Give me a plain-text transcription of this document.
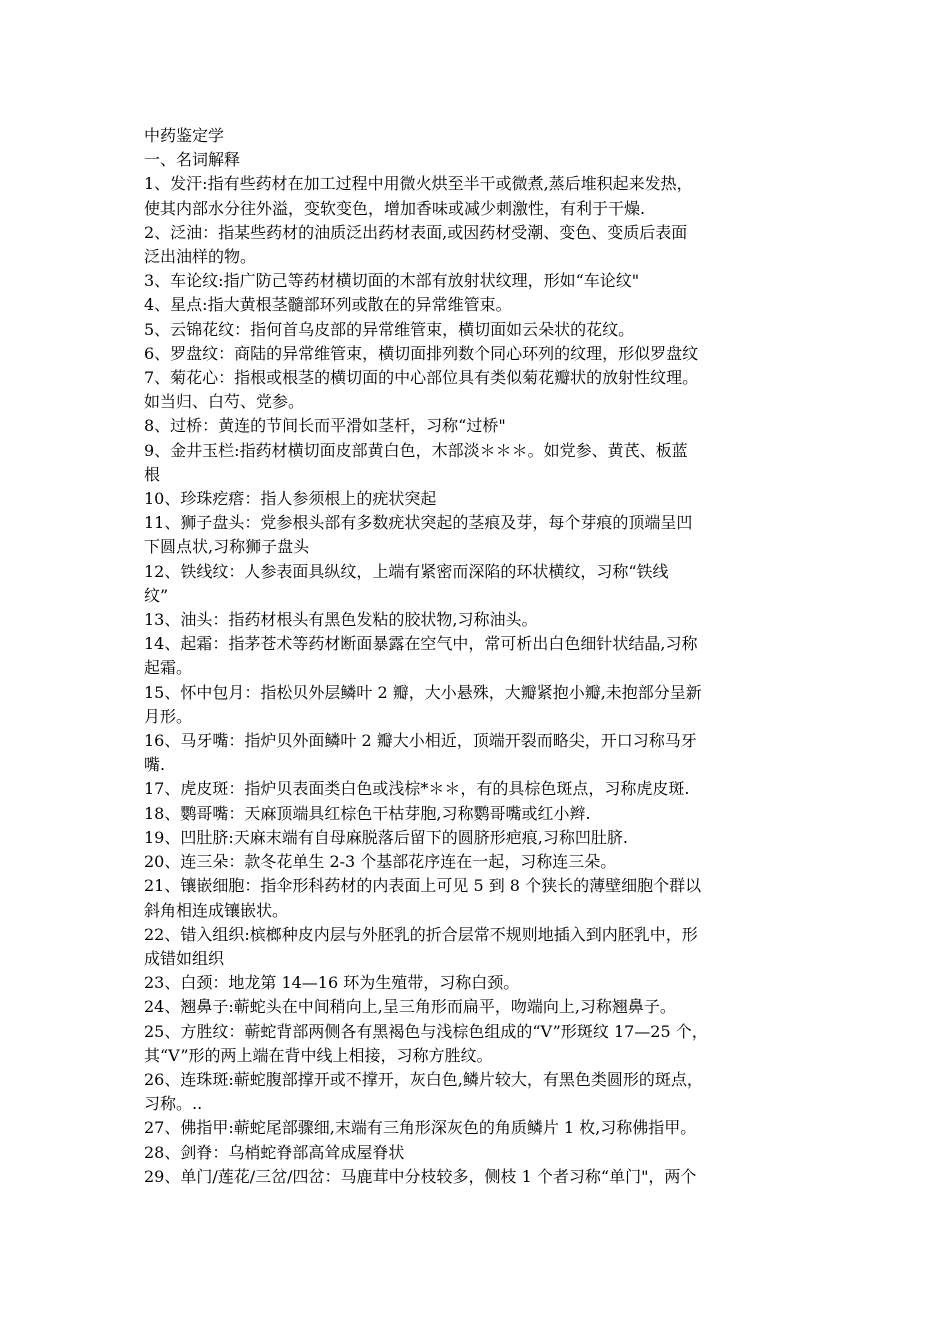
中药鉴定学
一、名词解释
1、发汗:指有些药材在加工过程中用微火烘至半干或微煮,蒸后堆积起来发热，
使其内部水分往外溢，变软变色，增加香味或减少刺激性，有利于干燥.
2、泛油：指某些药材的油质泛出药材表面,或因药材受潮、变色、变质后表面
泛出油样的物。
3、车论纹:指广防己等药材横切面的木部有放射状纹理，形如“车论纹"
4、星点:指大黄根茎髓部环列或散在的异常维管束。
5、云锦花纹：指何首乌皮部的异常维管束，横切面如云朵状的花纹。
6、罗盘纹：商陆的异常维管束，横切面排列数个同心环列的纹理，形似罗盘纹
7、菊花心：指根或根茎的横切面的中心部位具有类似菊花瓣状的放射性纹理。
如当归、白芍、党参。
8、过桥：黄连的节间长而平滑如茎杆，习称“过桥"
9、金井玉栏:指药材横切面皮部黄白色，木部淡＊＊＊。如党参、黄芪、板蓝
根
10、珍珠疙瘩：指人参须根上的疣状突起
11、狮子盘头：党参根头部有多数疣状突起的茎痕及芽，每个芽痕的顶端呈凹
下圆点状,习称狮子盘头
12、铁线纹：人参表面具纵纹，上端有紧密而深陷的环状横纹，习称“铁线
纹”
13、油头：指药材根头有黑色发粘的胶状物,习称油头。
14、起霜：指茅苍术等药材断面暴露在空气中，常可析出白色细针状结晶,习称
起霜。
15、怀中包月：指松贝外层鳞叶 2 瓣，大小悬殊，大瓣紧抱小瓣,未抱部分呈新
月形。
16、马牙嘴：指炉贝外面鳞叶 2 瓣大小相近，顶端开裂而略尖，开口习称马牙
嘴.
17、虎皮斑：指炉贝表面类白色或浅棕*＊＊，有的具棕色斑点，习称虎皮斑.
18、鹦哥嘴：天麻顶端具红棕色干枯芽胞,习称鹦哥嘴或红小辫.
19、凹肚脐:天麻末端有自母麻脱落后留下的圆脐形疤痕,习称凹肚脐.
20、连三朵：款冬花单生 2-3 个基部花序连在一起，习称连三朵。
21、镶嵌细胞：指伞形科药材的内表面上可见 5 到 8 个狭长的薄壁细胞个群以
斜角相连成镶嵌状。
22、错入组织:槟榔种皮内层与外胚乳的折合层常不规则地插入到内胚乳中，形
成错如组织
23、白颈：地龙第 14—16 环为生殖带，习称白颈。
24、翘鼻子:蕲蛇头在中间稍向上,呈三角形而扁平，吻端向上,习称翘鼻子。
25、方胜纹：蕲蛇背部两侧各有黑褐色与浅棕色组成的“V”形斑纹 17—25 个，
其“V”形的两上端在背中线上相接，习称方胜纹。
26、连珠斑:蕲蛇腹部撑开或不撑开，灰白色,鳞片较大，有黑色类圆形的斑点，
习称。..
27、佛指甲:蕲蛇尾部骤细,末端有三角形深灰色的角质鳞片 1 枚,习称佛指甲。
28、剑脊：乌梢蛇脊部高耸成屋脊状
29、单门/莲花/三岔/四岔：马鹿茸中分枝较多，侧枝 1 个者习称“单门"，两个
